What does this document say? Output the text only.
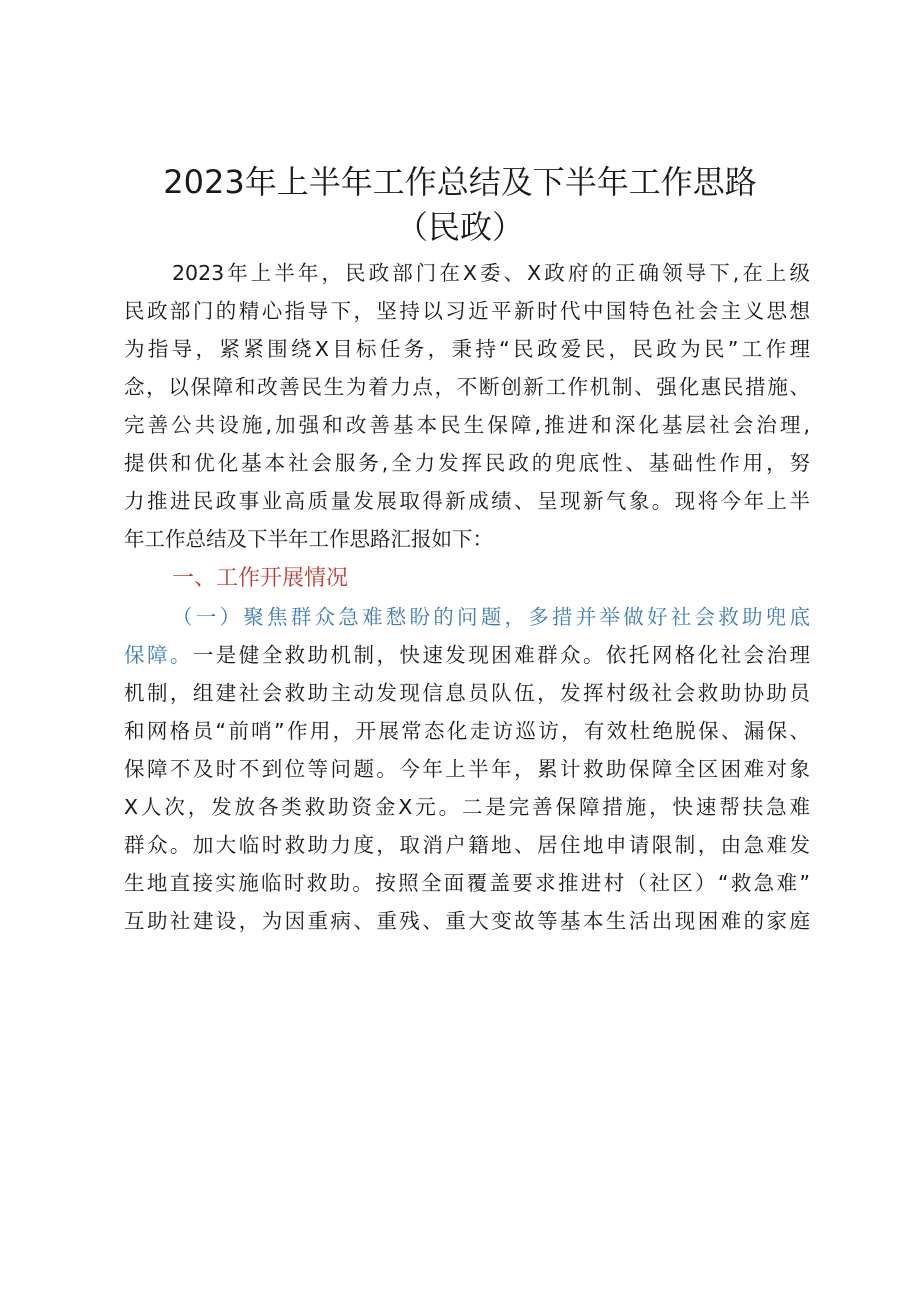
2023年上半年工作总结及下半年工作思路
（民政）
2023年上半年，民政部门在X委、X政府的正确领导下,在上级
民政部门的精心指导下，坚持以习近平新时代中国特色社会主义思想
为指导，紧紧围绕X目标任务，秉持“民政爱民，民政为民”工作理
念，以保障和改善民生为着力点，不断创新工作机制、强化惠民措施、
完善公共设施,加强和改善基本民生保障,推进和深化基层社会治理,
提供和优化基本社会服务,全力发挥民政的兜底性、基础性作用，努
力推进民政事业高质量发展取得新成绩、呈现新气象。现将今年上半
年工作总结及下半年工作思路汇报如下：
一、工作开展情况
（一）聚焦群众急难愁盼的问题，多措并举做好社会救助兜底
保障。一是健全救助机制，快速发现困难群众。依托网格化社会治理
机制，组建社会救助主动发现信息员队伍，发挥村级社会救助协助员
和网格员“前哨”作用，开展常态化走访巡访，有效杜绝脱保、漏保、
保障不及时不到位等问题。今年上半年，累计救助保障全区困难对象
X人次，发放各类救助资金X元。二是完善保障措施，快速帮扶急难
群众。加大临时救助力度，取消户籍地、居住地申请限制，由急难发
生地直接实施临时救助。按照全面覆盖要求推进村（社区）“救急难”
互助社建设，为因重病、重残、重大变故等基本生活出现困难的家庭
